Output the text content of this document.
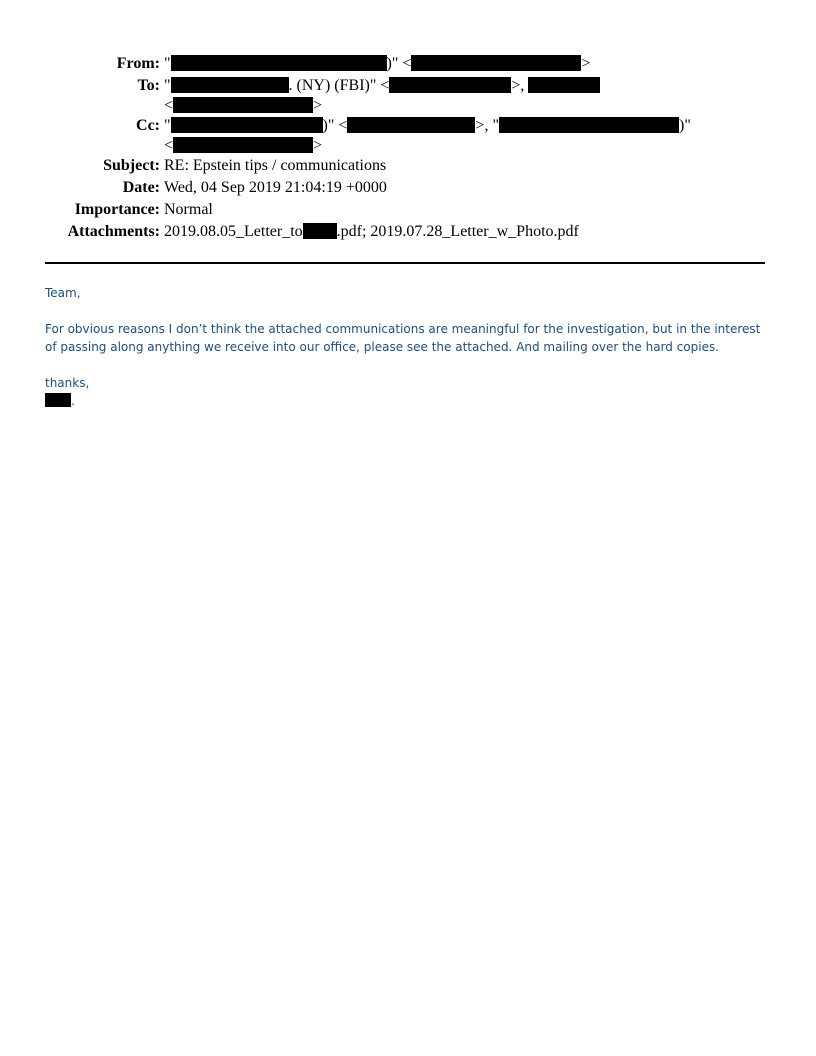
From: "	)" <	>
To: "	. (NY) (FBI)" <	>,
<	>
Cc: "	)" <	>, "	)"
<	>
Subject: RE: Epstein tips / communications
Date: Wed, 04 Sep 2019 21:04:19 +0000
Importance: Normal
Attachments: 2019.08.05_Letter_to .pdf; 2019.07.28_Letter_w_Photo.pdf

Team,

For obvious reasons I don’t think the attached communications are meaningful for the investigation, but in the interest of passing along anything we receive into our office, please see the attached. And mailing over the hard copies.

thanks,

.
